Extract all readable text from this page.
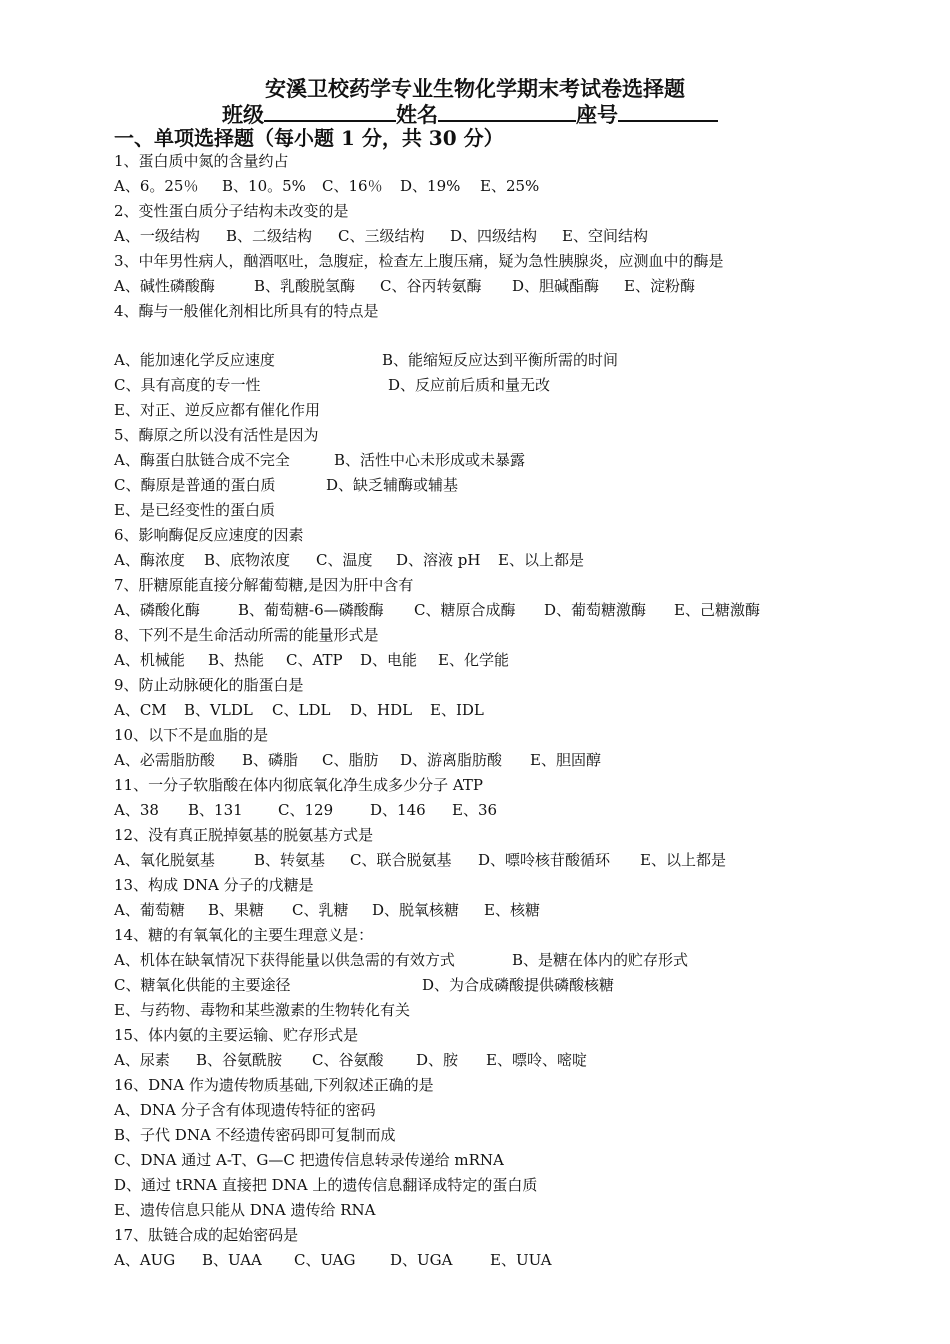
安溪卫校药学专业生物化学期末考试卷选择题
班级	姓名	座号
一、单项选择题（每小题 1 分，共 30 分）
1、蛋白质中氮的含量约占
A、6。25％ B、10。5% C、16％ D、19% E、25%
2、变性蛋白质分子结构未改变的是
A、一级结构 B、二级结构 C、三级结构 D、四级结构 E、空间结构
3、中年男性病人，酗酒呕吐，急腹症，检查左上腹压痛，疑为急性胰腺炎，应测血中的酶是
A、碱性磷酸酶	B、乳酸脱氢酶 C、谷丙转氨酶 D、胆碱酯酶 E、淀粉酶
4、酶与一般催化剂相比所具有的特点是
A、能加速化学反应速度	B、能缩短反应达到平衡所需的时间
C、具有高度的专一性	D、反应前后质和量无改
E、对正、逆反应都有催化作用
5、酶原之所以没有活性是因为
A、酶蛋白肽链合成不完全	B、活性中心未形成或未暴露
C、酶原是普通的蛋白质	D、缺乏辅酶或辅基
E、是已经变性的蛋白质
6、影响酶促反应速度的因素
A、酶浓度 B、底物浓度 C、温度 D、溶液 pH E、以上都是
7、肝糖原能直接分解葡萄糖,是因为肝中含有
A、磷酸化酶	B、葡萄糖-6—磷酸酶 C、糖原合成酶 D、葡萄糖激酶 E、己糖激酶
8、下列不是生命活动所需的能量形式是
A、机械能 B、热能 C、ATP D、电能 E、化学能
9、防止动脉硬化的脂蛋白是
A、CM B、VLDL C、LDL D、HDL E、IDL
10、以下不是血脂的是
A、必需脂肪酸 B、磷脂 C、脂肪 D、游离脂肪酸 E、胆固醇
11、一分子软脂酸在体内彻底氧化净生成多少分子 ATP
A、38 B、131 C、129 D、146 E、36
12、没有真正脱掉氨基的脱氨基方式是
A、氧化脱氨基	B、转氨基 C、联合脱氨基 D、嘌呤核苷酸循环 E、以上都是
13、构成 DNA 分子的戊糖是
A、葡萄糖 B、果糖 C、乳糖 D、脱氧核糖 E、核糖
14、糖的有氧氧化的主要生理意义是：
A、机体在缺氧情况下获得能量以供急需的有效方式	B、是糖在体内的贮存形式
C、糖氧化供能的主要途径	D、为合成磷酸提供磷酸核糖
E、与药物、毒物和某些激素的生物转化有关
15、体内氨的主要运输、贮存形式是
A、尿素 B、谷氨酰胺 C、谷氨酸 D、胺 E、嘌呤、嘧啶
16、DNA 作为遗传物质基础,下列叙述正确的是
A、DNA 分子含有体现遗传特征的密码
B、子代 DNA 不经遗传密码即可复制而成
C、DNA 通过 A-T、G—C 把遗传信息转录传递给 mRNA
D、通过 tRNA 直接把 DNA 上的遗传信息翻译成特定的蛋白质
E、遗传信息只能从 DNA 遗传给 RNA
17、肽链合成的起始密码是
A、AUG B、UAA C、UAG D、UGA	E、UUA
